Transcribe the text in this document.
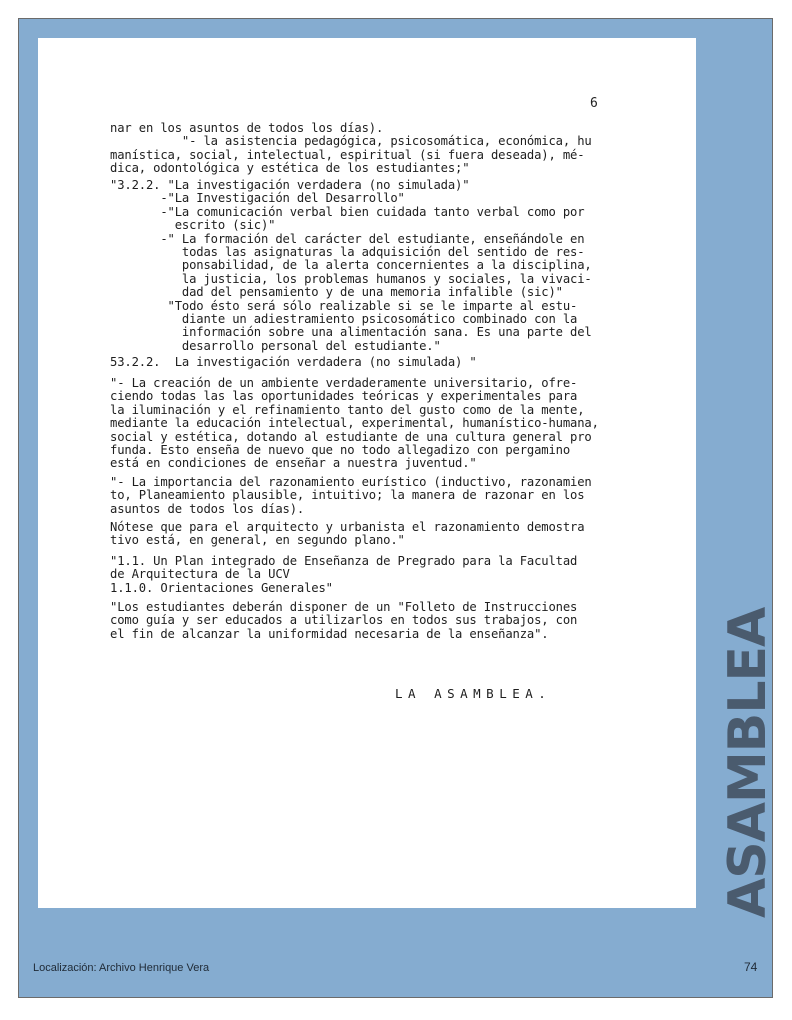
6
nar en los asuntos de todos los días).
"- la asistencia pedagógica, psicosomática, económica, hu
manística, social, intelectual, espiritual (si fuera deseada), mé-
dica, odontológica y estética de los estudiantes;"
"3.2.2. "La investigación verdadera (no simulada)"
-"La Investigación del Desarrollo"
-"La comunicación verbal bien cuidada tanto verbal como por
escrito (sic)"
-" La formación del carácter del estudiante, enseñándole en
todas las asignaturas la adquisición del sentido de res-
ponsabilidad, de la alerta concernientes a la disciplina,
la justicia, los problemas humanos y sociales, la vivaci-
dad del pensamiento y de una memoria infalible (sic)"
"Todo ésto será sólo realizable si se le imparte al estu-
diante un adiestramiento psicosomático combinado con la
información sobre una alimentación sana. Es una parte del
desarrollo personal del estudiante."
53.2.2.  La investigación verdadera (no simulada) "
"- La creación de un ambiente verdaderamente universitario, ofre-
ciendo todas las las oportunidades teóricas y experimentales para
la iluminación y el refinamiento tanto del gusto como de la mente,
mediante la educación intelectual, experimental, humanístico-humana,
social y estética, dotando al estudiante de una cultura general pro
funda. Esto enseña de nuevo que no todo allegadizo con pergamino
está en condiciones de enseñar a nuestra juventud."
"- La importancia del razonamiento eurístico (inductivo, razonamien
to, Planeamiento plausible, intuitivo; la manera de razonar en los
asuntos de todos los días).
Nótese que para el arquitecto y urbanista el razonamiento demostra
tivo está, en general, en segundo plano."
"1.1. Un Plan integrado de Enseñanza de Pregrado para la Facultad
de Arquitectura de la UCV
1.1.0. Orientaciones Generales"
"Los estudiantes deberán disponer de un "Folleto de Instrucciones
como guía y ser educados a utilizarlos en todos sus trabajos, con
el fin de alcanzar la uniformidad necesaria de la enseñanza".
LA ASAMBLEA.	ASAMBLEA
Localización: Archivo Henrique Vera	74
